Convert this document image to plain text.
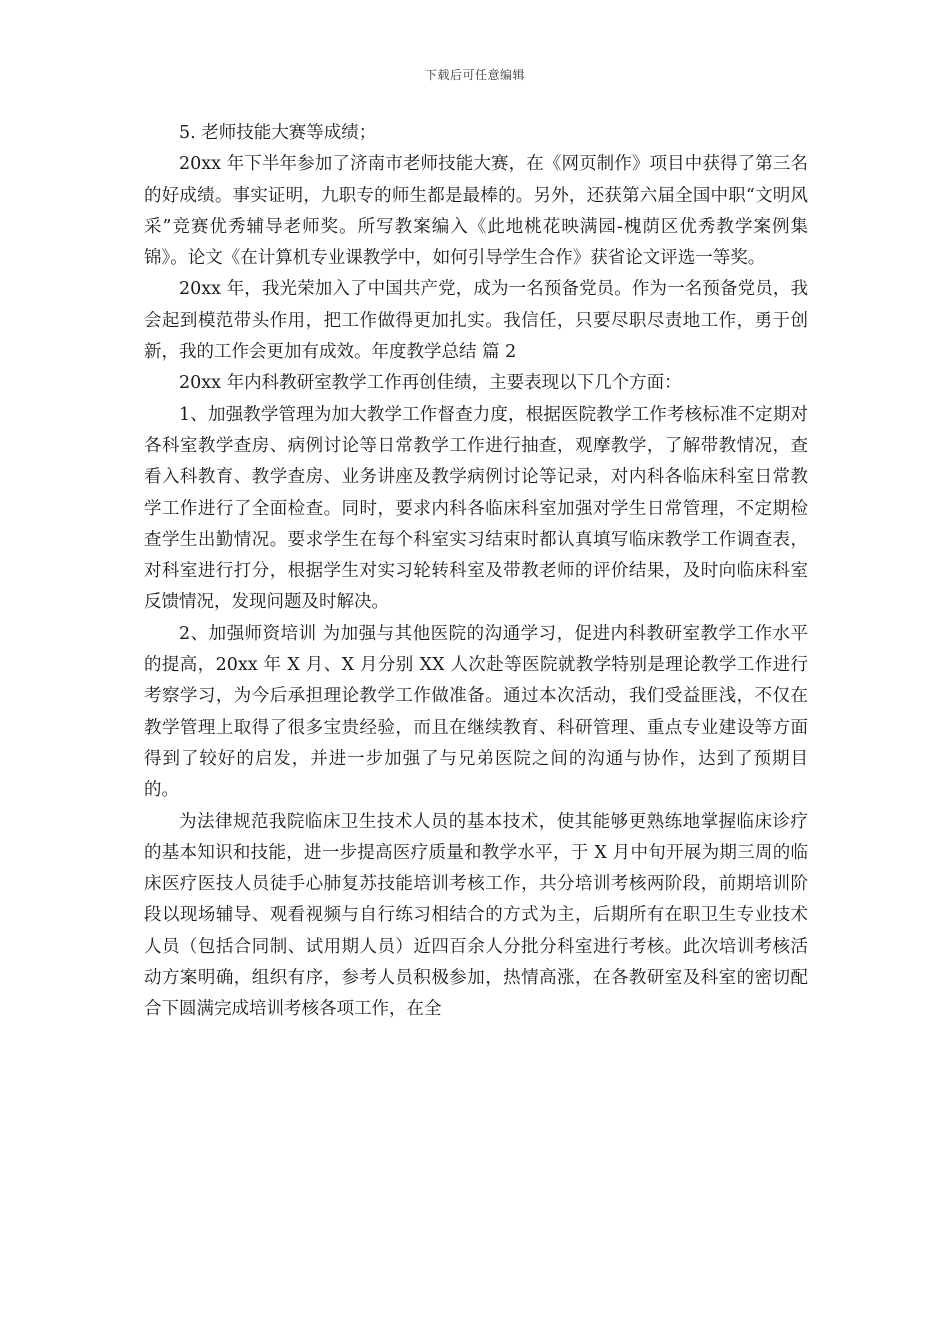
下载后可任意编辑

5. 老师技能大赛等成绩；

20xx 年下半年参加了济南市老师技能大赛，在《网页制作》项目中获得了第三名的好成绩。事实证明，九职专的师生都是最棒的。另外，还获第六届全国中职“文明风采”竞赛优秀辅导老师奖。所写教案编入《此地桃花映满园-槐荫区优秀教学案例集锦》。论文《在计算机专业课教学中，如何引导学生合作》获省论文评选一等奖。

20xx 年，我光荣加入了中国共产党，成为一名预备党员。作为一名预备党员，我会起到模范带头作用，把工作做得更加扎实。我信任，只要尽职尽责地工作，勇于创新，我的工作会更加有成效。年度教学总结 篇 2

20xx 年内科教研室教学工作再创佳绩，主要表现以下几个方面：

1、加强教学管理为加大教学工作督查力度，根据医院教学工作考核标准不定期对各科室教学查房、病例讨论等日常教学工作进行抽查，观摩教学，了解带教情况，查看入科教育、教学查房、业务讲座及教学病例讨论等记录，对内科各临床科室日常教学工作进行了全面检查。同时，要求内科各临床科室加强对学生日常管理，不定期检查学生出勤情况。要求学生在每个科室实习结束时都认真填写临床教学工作调查表，对科室进行打分，根据学生对实习轮转科室及带教老师的评价结果，及时向临床科室反馈情况，发现问题及时解决。

2、加强师资培训 为加强与其他医院的沟通学习，促进内科教研室教学工作水平的提高，20xx 年 X 月、X 月分别 XX 人次赴等医院就教学特别是理论教学工作进行考察学习，为今后承担理论教学工作做准备。通过本次活动，我们受益匪浅，不仅在教学管理上取得了很多宝贵经验，而且在继续教育、科研管理、重点专业建设等方面得到了较好的启发，并进一步加强了与兄弟医院之间的沟通与协作，达到了预期目的。

为法律规范我院临床卫生技术人员的基本技术，使其能够更熟练地掌握临床诊疗的基本知识和技能，进一步提高医疗质量和教学水平，于 X 月中旬开展为期三周的临床医疗医技人员徒手心肺复苏技能培训考核工作，共分培训考核两阶段，前期培训阶段以现场辅导、观看视频与自行练习相结合的方式为主，后期所有在职卫生专业技术人员（包括合同制、试用期人员）近四百余人分批分科室进行考核。此次培训考核活动方案明确，组织有序，参考人员积极参加，热情高涨，在各教研室及科室的密切配合下圆满完成培训考核各项工作，在全
